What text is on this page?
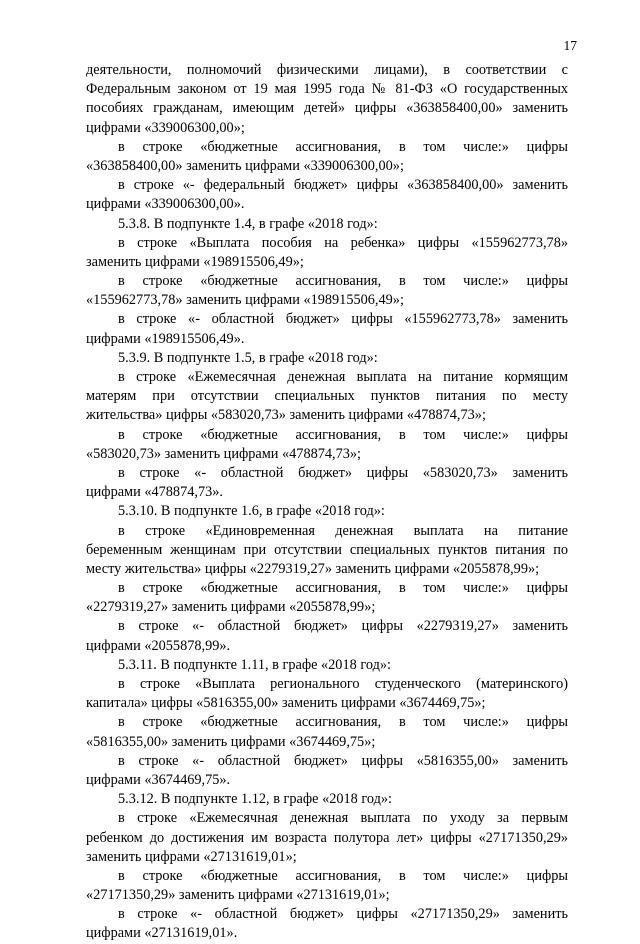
17
деятельности, полномочий физическими лицами), в соответствии с
Федеральным законом от 19 мая 1995 года № 81-ФЗ «О государственных
пособиях гражданам, имеющим детей» цифры «363858400,00» заменить
цифрами «339006300,00»;
в строке «бюджетные ассигнования, в том числе:» цифры
«363858400,00» заменить цифрами «339006300,00»;
в строке «- федеральный бюджет» цифры «363858400,00» заменить
цифрами «339006300,00».
5.3.8. В подпункте 1.4, в графе «2018 год»:
в строке «Выплата пособия на ребенка» цифры «155962773,78»
заменить цифрами «198915506,49»;
в строке «бюджетные ассигнования, в том числе:» цифры
«155962773,78» заменить цифрами «198915506,49»;
в строке «- областной бюджет» цифры «155962773,78» заменить
цифрами «198915506,49».
5.3.9. В подпункте 1.5, в графе «2018 год»:
в строке «Ежемесячная денежная выплата на питание кормящим
матерям при отсутствии специальных пунктов питания по месту
жительства» цифры «583020,73» заменить цифрами «478874,73»;
в строке «бюджетные ассигнования, в том числе:» цифры
«583020,73» заменить цифрами «478874,73»;
в строке «- областной бюджет» цифры «583020,73» заменить
цифрами «478874,73».
5.3.10. В подпункте 1.6, в графе «2018 год»:
в строке «Единовременная денежная выплата на питание
беременным женщинам при отсутствии специальных пунктов питания по
месту жительства» цифры «2279319,27» заменить цифрами «2055878,99»;
в строке «бюджетные ассигнования, в том числе:» цифры
«2279319,27» заменить цифрами «2055878,99»;
в строке «- областной бюджет» цифры «2279319,27» заменить
цифрами «2055878,99».
5.3.11. В подпункте 1.11, в графе «2018 год»:
в строке «Выплата регионального студенческого (материнского)
капитала» цифры «5816355,00» заменить цифрами «3674469,75»;
в строке «бюджетные ассигнования, в том числе:» цифры
«5816355,00» заменить цифрами «3674469,75»;
в строке «- областной бюджет» цифры «5816355,00» заменить
цифрами «3674469,75».
5.3.12. В подпункте 1.12, в графе «2018 год»:
в строке «Ежемесячная денежная выплата по уходу за первым
ребенком до достижения им возраста полутора лет» цифры «27171350,29»
заменить цифрами «27131619,01»;
в строке «бюджетные ассигнования, в том числе:» цифры
«27171350,29» заменить цифрами «27131619,01»;
в строке «- областной бюджет» цифры «27171350,29» заменить
цифрами «27131619,01».
